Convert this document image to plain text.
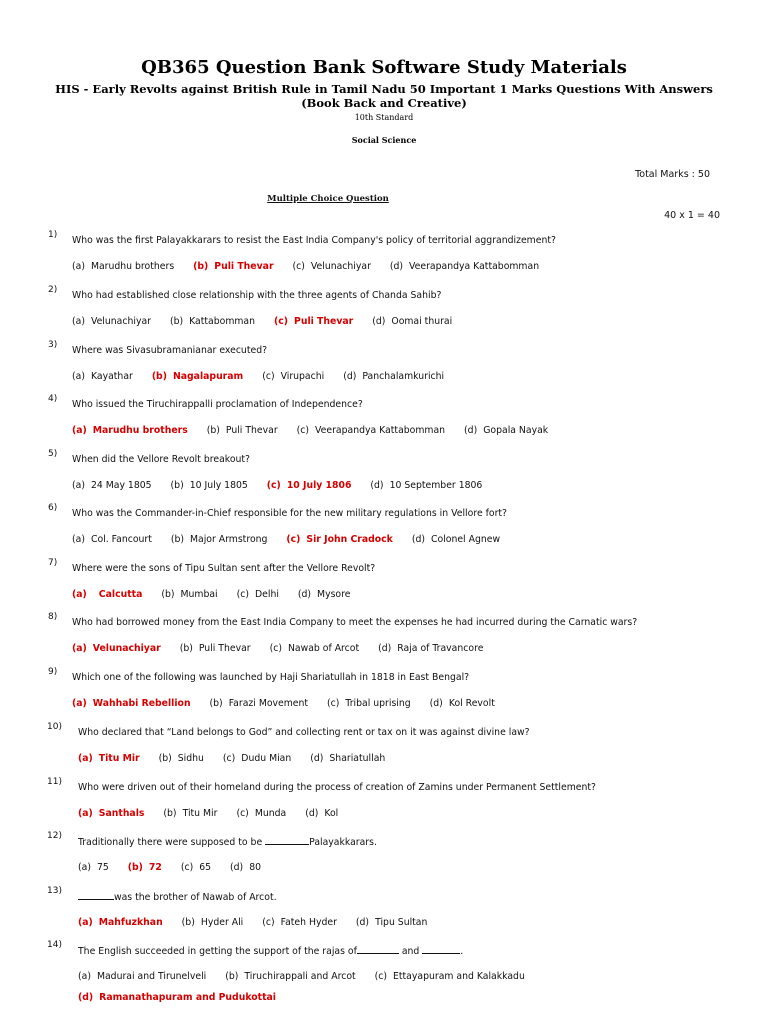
QB365 Question Bank Software Study Materials
HIS - Early Revolts against British Rule in Tamil Nadu 50 Important 1 Marks Questions With Answers
(Book Back and Creative)
10th Standard
Social Science
Total Marks : 50
Multiple Choice Question
40 x 1 = 40
1) Who was the first Palayakkarars to resist the East India Company's policy of territorial aggrandizement?
(a) Marudhu brothers (b) Puli Thevar (c) Velunachiyar (d) Veerapandya Kattabomman
2) Who had established close relationship with the three agents of Chanda Sahib?
(a) Velunachiyar (b) Kattabomman (c) Puli Thevar (d) Oomai thurai
3) Where was Sivasubramanianar executed?
(a) Kayathar (b) Nagalapuram (c) Virupachi (d) Panchalamkurichi
4) Who issued the Tiruchirappalli proclamation of Independence?
(a) Marudhu brothers (b) Puli Thevar (c) Veerapandya Kattabomman (d) Gopala Nayak
5) When did the Vellore Revolt breakout?
(a) 24 May 1805 (b) 10 July 1805 (c) 10 July 1806 (d) 10 September 1806
6) Who was the Commander-in-Chief responsible for the new military regulations in Vellore fort?
(a) Col. Fancourt (b) Major Armstrong (c) Sir John Cradock (d) Colonel Agnew
7) Where were the sons of Tipu Sultan sent after the Vellore Revolt?
(a) Calcutta (b) Mumbai (c) Delhi (d) Mysore
8) Who had borrowed money from the East India Company to meet the expenses he had incurred during the Carnatic wars?
(a) Velunachiyar (b) Puli Thevar (c) Nawab of Arcot (d) Raja of Travancore
9) Which one of the following was launched by Haji Shariatullah in 1818 in East Bengal?
(a) Wahhabi Rebellion (b) Farazi Movement (c) Tribal uprising (d) Kol Revolt
10) Who declared that “Land belongs to God” and collecting rent or tax on it was against divine law?
(a) Titu Mir (b) Sidhu (c) Dudu Mian (d) Shariatullah
11) Who were driven out of their homeland during the process of creation of Zamins under Permanent Settlement?
(a) Santhals (b) Titu Mir (c) Munda (d) Kol
12)
Traditionally there were supposed to be	Palayakkarars.
(a) 75 (b) 72 (c) 65 (d) 80
13)
was the brother of Nawab of Arcot.
(a) Mahfuzkhan (b) Hyder Ali (c) Fateh Hyder (d) Tipu Sultan
14)
The English succeeded in getting the support of the rajas of	and	.
(a) Madurai and Tirunelveli (b) Tiruchirappali and Arcot (c) Ettayapuram and Kalakkadu
(d) Ramanathapuram and Pudukottai
